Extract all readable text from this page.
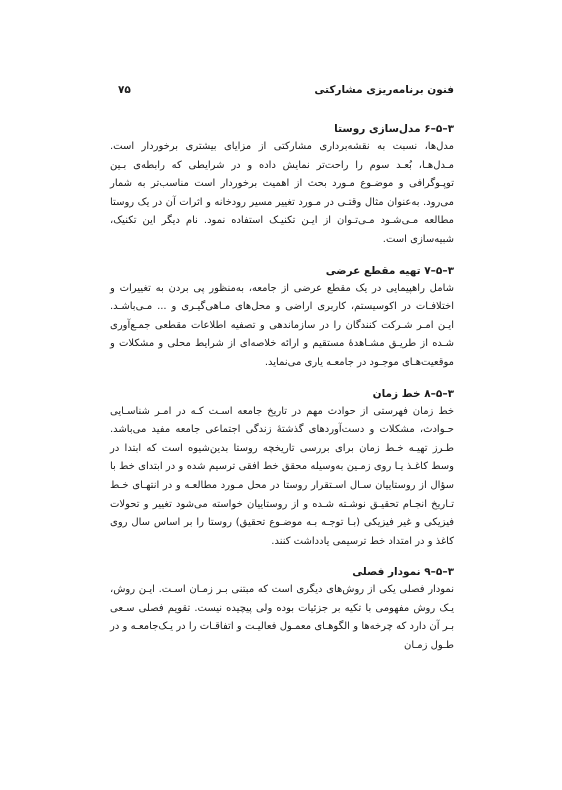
فنون برنامه‌ریزی مشارکتی
۷۵

۳–۵–۶ مدل‌سازی روستا

مدل‌ها، نسبت به نقشه‌برداری مشارکتی از مزایای بیشتری برخوردار است. مـدل‌هـا، بُعـد سوم را راحت‌تر نمایش داده و در شرایطی که رابطه‌ی بـین توپـوگرافی و موضـوع مـورد بحث از اهمیت برخوردار است مناسب‌تر به شمار می‌رود. به‌عنوان مثال وقتـی در مـورد تغییر مسیر رودخانه و اثرات آن در یک روستا مطالعه مـی‌شـود مـی‌تـوان از ایـن تکنیـک استفاده نمود. نام دیگر این تکنیک، شبیه‌سازی است.

۳–۵–۷ تهیه مقطع عرضی

شامل راهپیمایی در یک مقطع عرضی از جامعه، به‌منظور پی بردن به تغییرات و اختلافـات در اکوسیستم، کاربری اراضی و محل‌های مـاهی‌گیـری و ... مـی‌باشـد. ایـن امـر شـرکت کنندگان را در سازماندهی و تصفیه اطلاعات مقطعی جمـع‌آوری شـده از طریـق مشـاهدهٔ مستقیم و ارائه خلاصه‌ای از شرایط محلی و مشکلات و موقعیت‌هـای موجـود در جامعـه یاری می‌نماید.

۳–۵–۸ خط زمان

خط زمان فهرستی از حوادث مهم در تاریخ جامعه اسـت کـه در امـر شناسـایی حـوادث، مشکلات و دست‌آوردهای گذشتهٔ زندگی اجتماعی جامعه مفید می‌باشد. طـرز تهیـه خـط زمان برای بررسی تاریخچه روستا بدین‌شیوه است که ابتدا در وسط کاغـذ یـا روی زمـین به‌وسیله محقق خط افقی ترسیم شده و در ابتدای خط با سؤال از روستاییان سـال اسـتقرار روستا در محل مـورد مطالعـه و در انتهـای خـط تـاریخ انجـام تحقیـق نوشـته شـده و از روستاییان خواسته می‌شود تغییر و تحولات فیزیکی و غیر فیزیکی (بـا توجـه بـه موضـوع تحقیق) روستا را بر اساس سال روی کاغذ و در امتداد خط ترسیمی یادداشت کنند.

۳–۵–۹ نمودار فصلی

نمودار فصلی یکی از روش‌های دیگری است که مبتنی بـر زمـان اسـت. ایـن روش، یـک روش مفهومی با تکیه بر جزئیات بوده ولی پیچیده نیست. تقویم فصلی سـعی بـر آن دارد که چرخه‌ها و الگوهـای معمـول فعالیـت و اتفاقـات را در یـک‌جامعـه و در طـول زمـان
